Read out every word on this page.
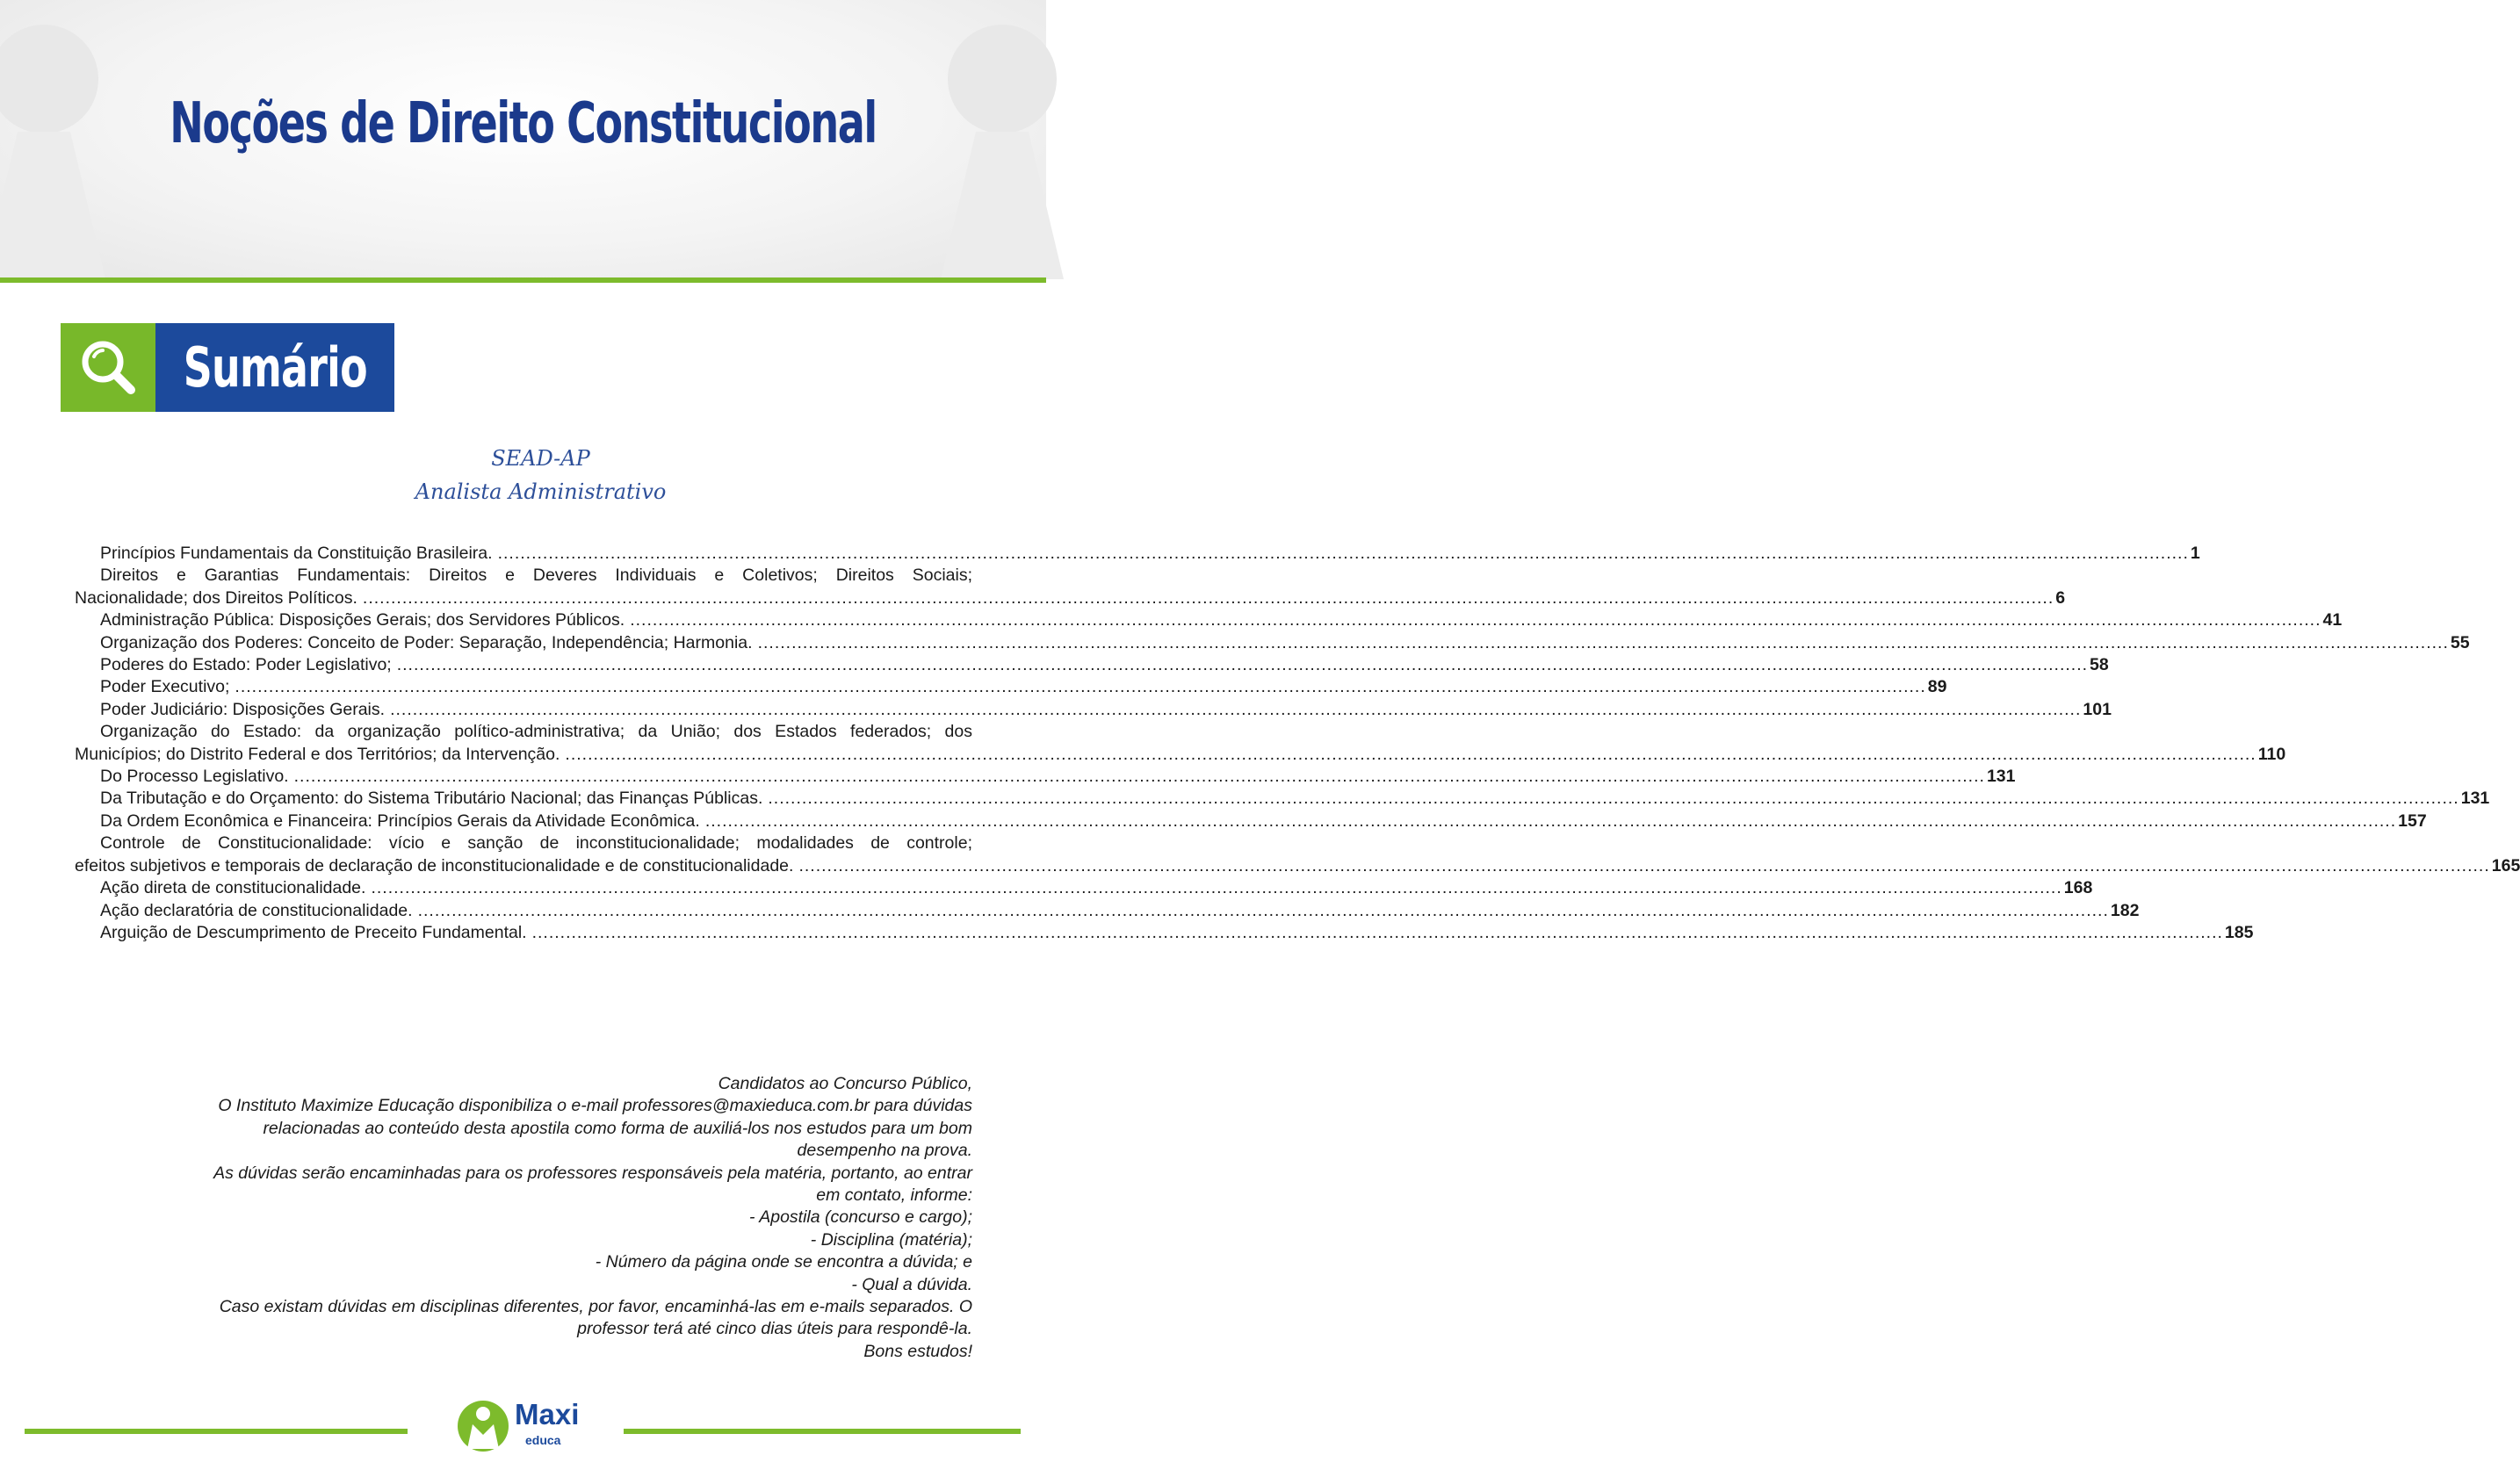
Noções de Direito Constitucional
Sumário
SEAD-AP
Analista Administrativo
Princípios Fundamentais da Constituição Brasileira. ............................................................................................................................................................................................................................................................................................................ 1
Direitos e Garantias Fundamentais: Direitos e Deveres Individuais e Coletivos; Direitos Sociais;
Nacionalidade; dos Direitos Políticos. ............................................................................................................................................................................................................................................................................................................ 6
Administração Pública: Disposições Gerais; dos Servidores Públicos. ............................................................................................................................................................................................................................................................................................................ 41
Organização dos Poderes: Conceito de Poder: Separação, Independência; Harmonia. ............................................................................................................................................................................................................................................................................................................ 55
Poderes do Estado: Poder Legislativo; ............................................................................................................................................................................................................................................................................................................ 58
Poder Executivo; ............................................................................................................................................................................................................................................................................................................ 89
Poder Judiciário: Disposições Gerais. ............................................................................................................................................................................................................................................................................................................ 101
Organização do Estado: da organização político-administrativa; da União; dos Estados federados; dos
Municípios; do Distrito Federal e dos Territórios; da Intervenção. ............................................................................................................................................................................................................................................................................................................ 110
Do Processo Legislativo. ............................................................................................................................................................................................................................................................................................................ 131
Da Tributação e do Orçamento: do Sistema Tributário Nacional; das Finanças Públicas. ............................................................................................................................................................................................................................................................................................................ 131
Da Ordem Econômica e Financeira: Princípios Gerais da Atividade Econômica. ............................................................................................................................................................................................................................................................................................................ 157
Controle de Constitucionalidade: vício e sanção de inconstitucionalidade; modalidades de controle;
efeitos subjetivos e temporais de declaração de inconstitucionalidade e de constitucionalidade. ............................................................................................................................................................................................................................................................................................................ 165
Ação direta de constitucionalidade. ............................................................................................................................................................................................................................................................................................................ 168
Ação declaratória de constitucionalidade. ............................................................................................................................................................................................................................................................................................................ 182
Arguição de Descumprimento de Preceito Fundamental. ............................................................................................................................................................................................................................................................................................................ 185

Candidatos ao Concurso Público,

O Instituto Maximize Educação disponibiliza o e-mail professores@maxieduca.com.br para dúvidas

relacionadas ao conteúdo desta apostila como forma de auxiliá-los nos estudos para um bom

desempenho na prova.

As dúvidas serão encaminhadas para os professores responsáveis pela matéria, portanto, ao entrar

em contato, informe:

- Apostila (concurso e cargo);

- Disciplina (matéria);

- Número da página onde se encontra a dúvida; e

- Qual a dúvida.

Caso existam dúvidas em disciplinas diferentes, por favor, encaminhá-las em e-mails separados. O

professor terá até cinco dias úteis para respondê-la.

Bons estudos!

Maxi
educa
